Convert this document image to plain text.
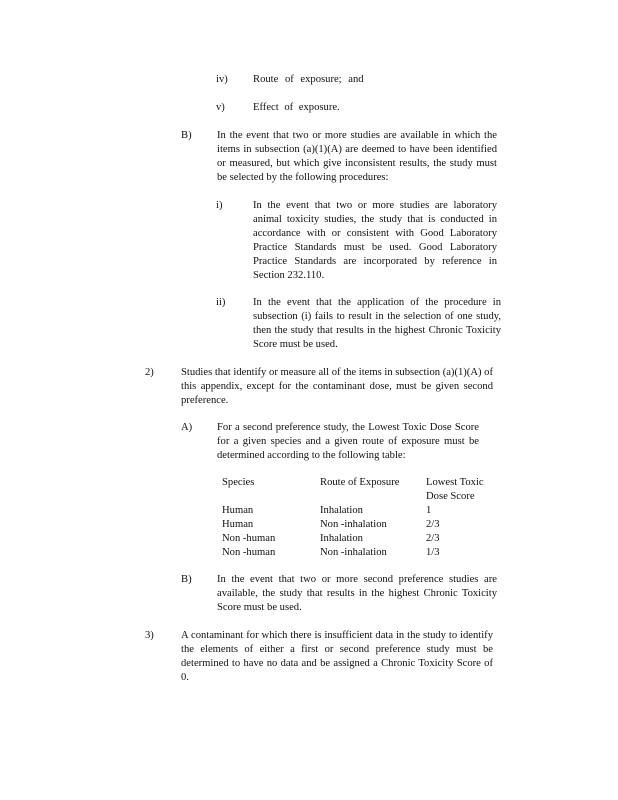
iv) Route of exposure; and
v)	Effect of exposure.
B) In the event that two or more studies are available in which the items in subsection (a)(1)(A) are deemed to have been identified or measured, but which give inconsistent results, the study must be selected by the following procedures:
i)	In the event that two or more studies are laboratory animal toxicity studies, the study that is conducted in accordance with or consistent with Good Laboratory Practice Standards must be used. Good Laboratory Practice Standards are incorporated by reference in Section 232.110.
ii)	In the event that the application of the procedure in subsection (i) fails to result in the selection of one study, then the study that results in the highest Chronic Toxicity Score must be used.
2)	Studies that identify or measure all of the items in subsection (a)(1)(A) of this appendix, except for the contaminant dose, must be given second preference.
A) For a second preference study, the Lowest Toxic Dose Score for a given species and a given route of exposure must be determined according to the following table:
Species	Route of Exposure	Lowest Toxic Dose Score
Human	Inhalation	1
Human	Non -inhalation	2/3
Non -human	Inhalation	2/3
Non -human	Non -inhalation	1/3
B) In the event that two or more second preference studies are available, the study that results in the highest Chronic Toxicity Score must be used.
3)	A contaminant for which there is insufficient data in the study to identify the elements of either a first or second preference study must be determined to have no data and be assigned a Chronic Toxicity Score of 0.
